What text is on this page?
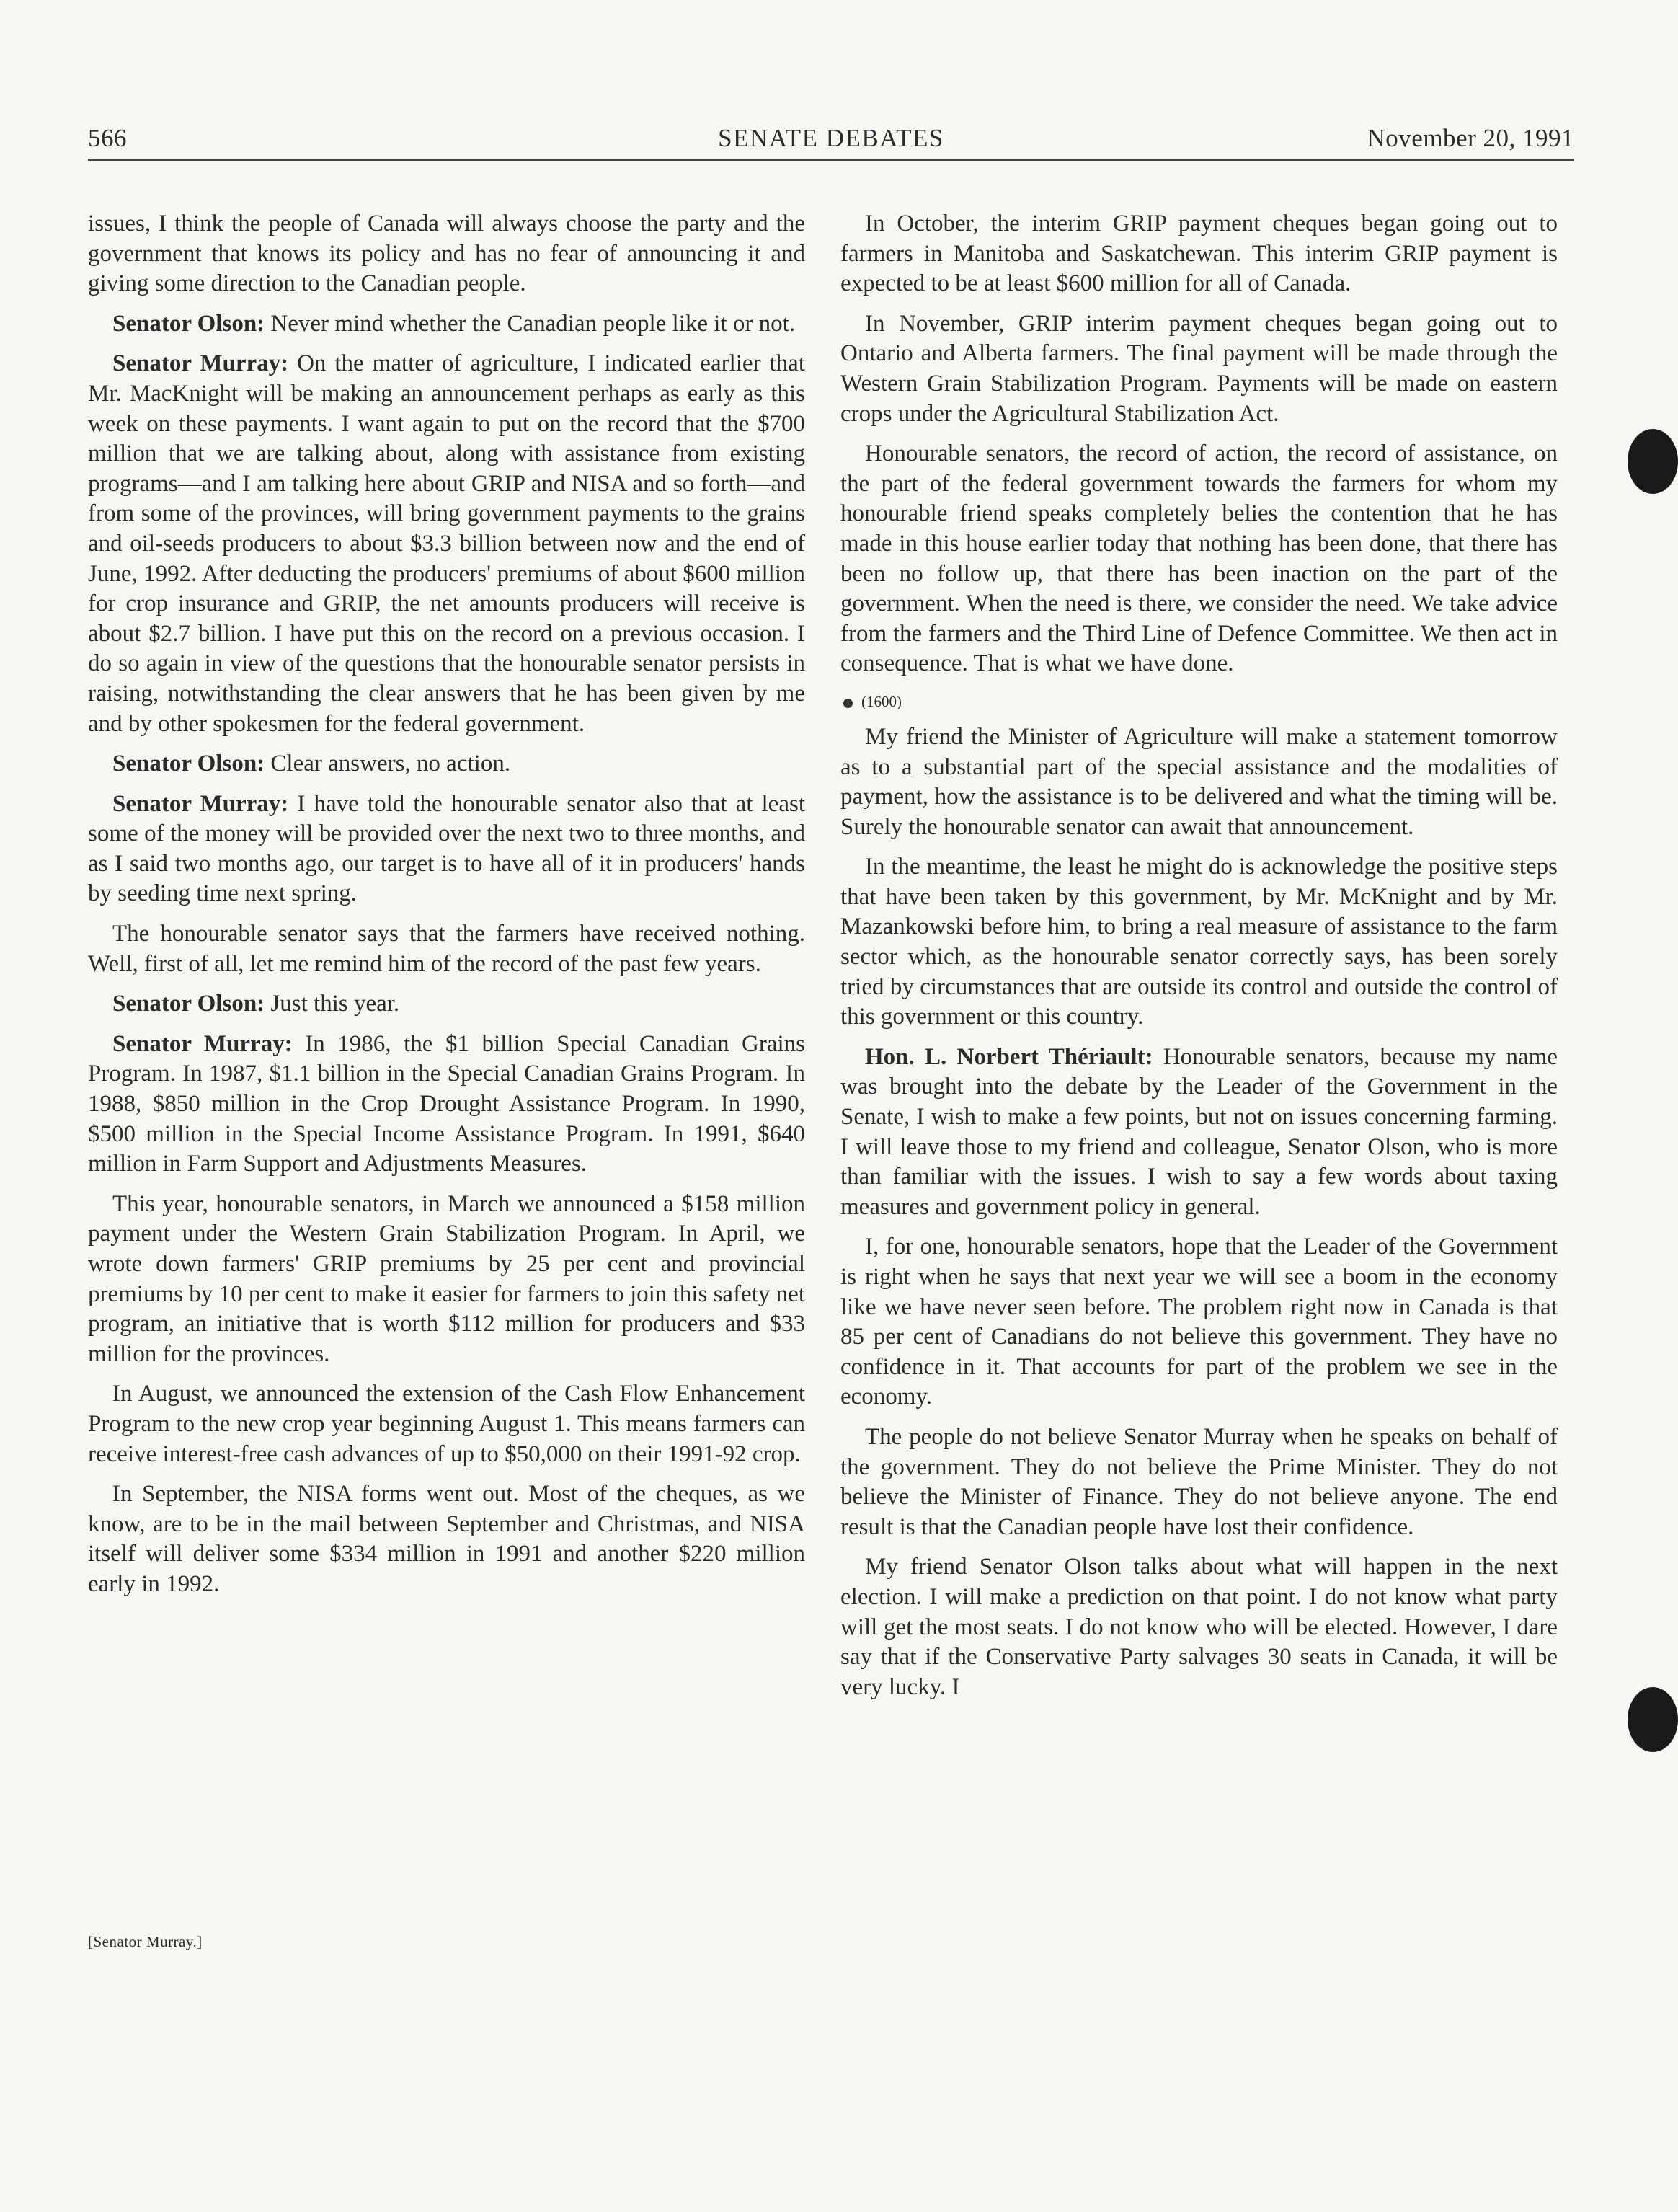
566	SENATE DEBATES	November 20, 1991

issues, I think the people of Canada will always choose the party and the government that knows its policy and has no fear of announcing it and giving some direction to the Canadian people.

Senator Olson: Never mind whether the Canadian people like it or not.

Senator Murray: On the matter of agriculture, I indicated earlier that Mr. MacKnight will be making an announcement perhaps as early as this week on these payments. I want again to put on the record that the $700 million that we are talking about, along with assistance from existing programs—and I am talking here about GRIP and NISA and so forth—and from some of the provinces, will bring government payments to the grains and oil-seeds producers to about $3.3 billion between now and the end of June, 1992. After deducting the producers' premiums of about $600 million for crop insurance and GRIP, the net amounts producers will receive is about $2.7 billion. I have put this on the record on a previous occasion. I do so again in view of the questions that the honourable senator persists in raising, notwithstanding the clear answers that he has been given by me and by other spokesmen for the federal government.

Senator Olson: Clear answers, no action.

Senator Murray: I have told the honourable senator also that at least some of the money will be provided over the next two to three months, and as I said two months ago, our target is to have all of it in producers' hands by seeding time next spring.

The honourable senator says that the farmers have received nothing. Well, first of all, let me remind him of the record of the past few years.

Senator Olson: Just this year.

Senator Murray: In 1986, the $1 billion Special Canadian Grains Program. In 1987, $1.1 billion in the Special Canadian Grains Program. In 1988, $850 million in the Crop Drought Assistance Program. In 1990, $500 million in the Special Income Assistance Program. In 1991, $640 million in Farm Support and Adjustments Measures.

This year, honourable senators, in March we announced a $158 million payment under the Western Grain Stabilization Program. In April, we wrote down farmers' GRIP premiums by 25 per cent and provincial premiums by 10 per cent to make it easier for farmers to join this safety net program, an initiative that is worth $112 million for producers and $33 million for the provinces.

In August, we announced the extension of the Cash Flow Enhancement Program to the new crop year beginning August 1. This means farmers can receive interest-free cash advances of up to $50,000 on their 1991-92 crop.

In September, the NISA forms went out. Most of the cheques, as we know, are to be in the mail between September and Christmas, and NISA itself will deliver some $334 million in 1991 and another $220 million early in 1992.

[Senator Murray.]

In October, the interim GRIP payment cheques began going out to farmers in Manitoba and Saskatchewan. This interim GRIP payment is expected to be at least $600 million for all of Canada.

In November, GRIP interim payment cheques began going out to Ontario and Alberta farmers. The final payment will be made through the Western Grain Stabilization Program. Payments will be made on eastern crops under the Agricultural Stabilization Act.

Honourable senators, the record of action, the record of assistance, on the part of the federal government towards the farmers for whom my honourable friend speaks completely belies the contention that he has made in this house earlier today that nothing has been done, that there has been no follow up, that there has been inaction on the part of the government. When the need is there, we consider the need. We take advice from the farmers and the Third Line of Defence Committee. We then act in consequence. That is what we have done.

(1600)

My friend the Minister of Agriculture will make a statement tomorrow as to a substantial part of the special assistance and the modalities of payment, how the assistance is to be delivered and what the timing will be. Surely the honourable senator can await that announcement.

In the meantime, the least he might do is acknowledge the positive steps that have been taken by this government, by Mr. McKnight and by Mr. Mazankowski before him, to bring a real measure of assistance to the farm sector which, as the honourable senator correctly says, has been sorely tried by circumstances that are outside its control and outside the control of this government or this country.

Hon. L. Norbert Thériault: Honourable senators, because my name was brought into the debate by the Leader of the Government in the Senate, I wish to make a few points, but not on issues concerning farming. I will leave those to my friend and colleague, Senator Olson, who is more than familiar with the issues. I wish to say a few words about taxing measures and government policy in general.

I, for one, honourable senators, hope that the Leader of the Government is right when he says that next year we will see a boom in the economy like we have never seen before. The problem right now in Canada is that 85 per cent of Canadians do not believe this government. They have no confidence in it. That accounts for part of the problem we see in the economy.

The people do not believe Senator Murray when he speaks on behalf of the government. They do not believe the Prime Minister. They do not believe the Minister of Finance. They do not believe anyone. The end result is that the Canadian people have lost their confidence.

My friend Senator Olson talks about what will happen in the next election. I will make a prediction on that point. I do not know what party will get the most seats. I do not know who will be elected. However, I dare say that if the Conservative Party salvages 30 seats in Canada, it will be very lucky. I
